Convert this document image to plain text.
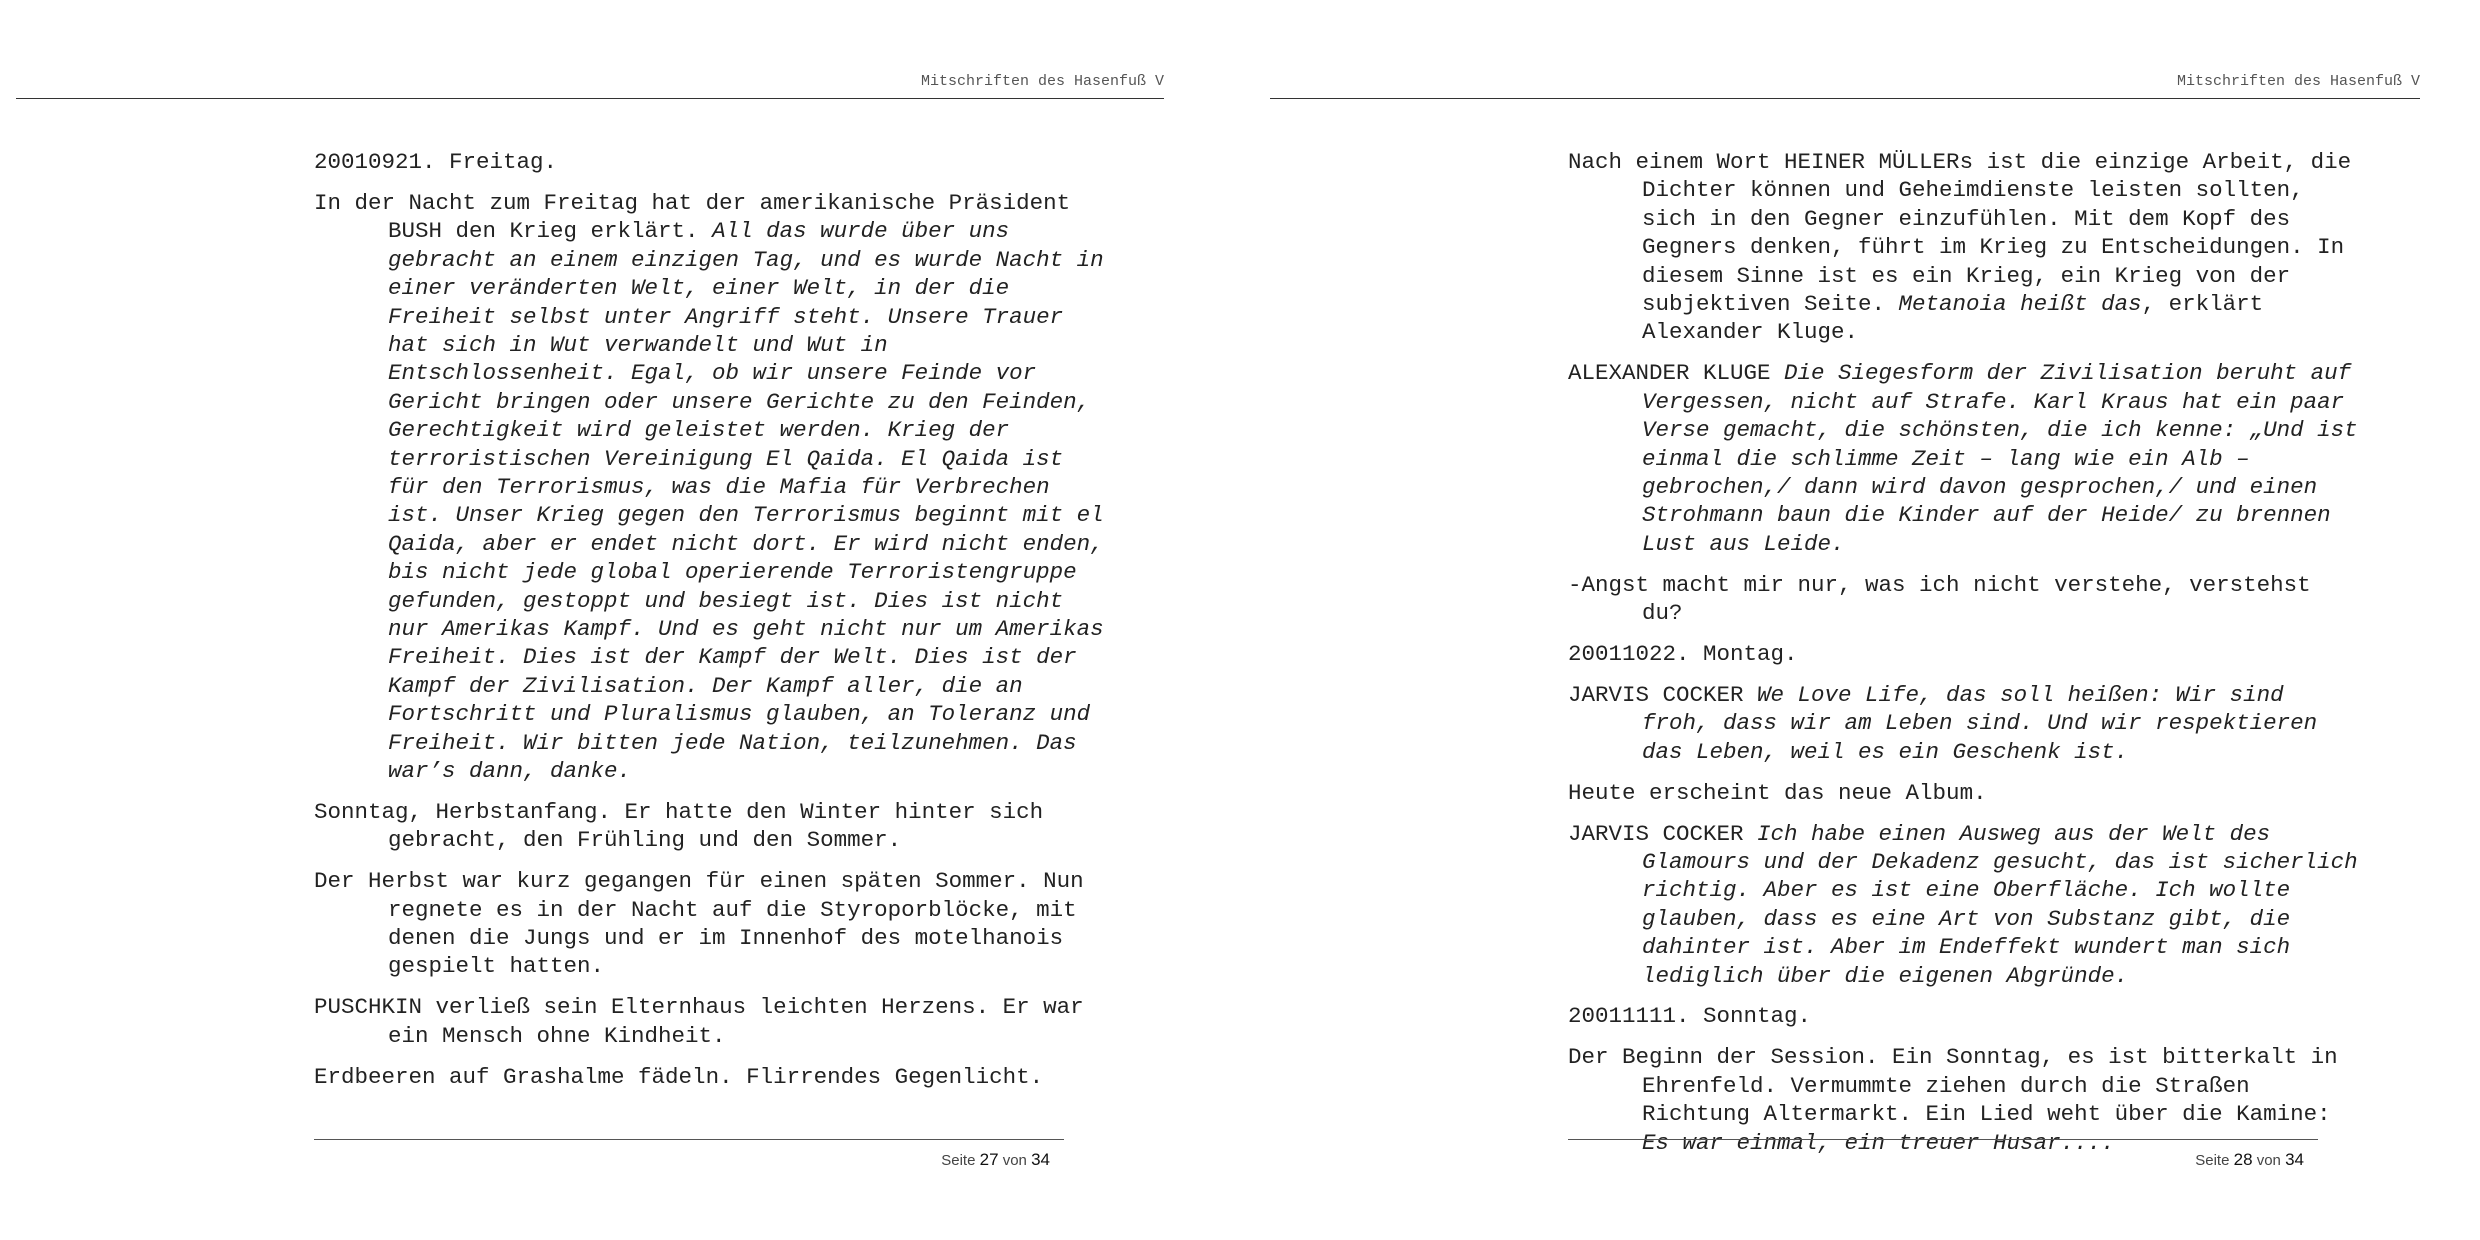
Mitschriften des Hasenfuß V

20010921. Freitag.

In der Nacht zum Freitag hat der amerikanische Präsident BUSH den Krieg erklärt. All das wurde über uns gebracht an einem einzigen Tag, und es wurde Nacht in einer veränderten Welt, einer Welt, in der die Freiheit selbst unter Angriff steht. Unsere Trauer hat sich in Wut verwandelt und Wut in Entschlossenheit. Egal, ob wir unsere Feinde vor Gericht bringen oder unsere Gerichte zu den Feinden, Gerechtigkeit wird geleistet werden. Krieg der terroristischen Vereinigung El Qaida. El Qaida ist für den Terrorismus, was die Mafia für Verbrechen ist. Unser Krieg gegen den Terrorismus beginnt mit el Qaida, aber er endet nicht dort. Er wird nicht enden, bis nicht jede global operierende Terroristengruppe gefunden, gestoppt und besiegt ist. Dies ist nicht nur Amerikas Kampf. Und es geht nicht nur um Amerikas Freiheit. Dies ist der Kampf der Welt. Dies ist der Kampf der Zivilisation. Der Kampf aller, die an Fortschritt und Pluralismus glauben, an Toleranz und Freiheit. Wir bitten jede Nation, teilzunehmen. Das war’s dann, danke.

Sonntag, Herbstanfang. Er hatte den Winter hinter sich gebracht, den Frühling und den Sommer.

Der Herbst war kurz gegangen für einen späten Sommer. Nun regnete es in der Nacht auf die Styroporblöcke, mit denen die Jungs und er im Innenhof des motelhanois gespielt hatten.

PUSCHKIN verließ sein Elternhaus leichten Herzens. Er war ein Mensch ohne Kindheit.

Erdbeeren auf Grashalme fädeln. Flirrendes Gegenlicht.

Seite 27 von 34
Mitschriften des Hasenfuß V

Nach einem Wort HEINER MÜLLERs ist die einzige Arbeit, die Dichter können und Geheimdienste leisten sollten, sich in den Gegner einzufühlen. Mit dem Kopf des Gegners denken, führt im Krieg zu Entscheidungen. In diesem Sinne ist es ein Krieg, ein Krieg von der subjektiven Seite. Metanoia heißt das, erklärt Alexander Kluge.

ALEXANDER KLUGE Die Siegesform der Zivilisation beruht auf Vergessen, nicht auf Strafe. Karl Kraus hat ein paar Verse gemacht, die schönsten, die ich kenne: „Und ist einmal die schlimme Zeit – lang wie ein Alb – gebrochen,/ dann wird davon gesprochen,/ und einen Strohmann baun die Kinder auf der Heide/ zu brennen Lust aus Leide.

-Angst macht mir nur, was ich nicht verstehe, verstehst du?

20011022. Montag.

JARVIS COCKER We Love Life, das soll heißen: Wir sind froh, dass wir am Leben sind. Und wir respektieren das Leben, weil es ein Geschenk ist.

Heute erscheint das neue Album.

JARVIS COCKER Ich habe einen Ausweg aus der Welt des Glamours und der Dekadenz gesucht, das ist sicherlich richtig. Aber es ist eine Oberfläche. Ich wollte glauben, dass es eine Art von Substanz gibt, die dahinter ist. Aber im Endeffekt wundert man sich lediglich über die eigenen Abgründe.

20011111. Sonntag.

Der Beginn der Session. Ein Sonntag, es ist bitterkalt in Ehrenfeld. Vermummte ziehen durch die Straßen Richtung Altermarkt. Ein Lied weht über die Kamine: Es war einmal, ein treuer Husar....

Seite 28 von 34
